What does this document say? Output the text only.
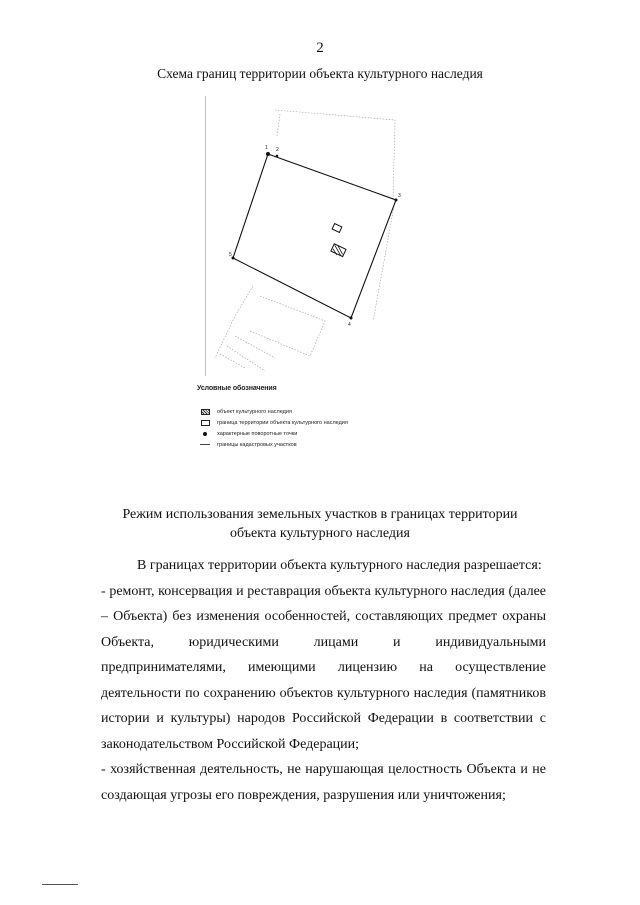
2
Схема границ территории объекта культурного наследия
1 2
3
4
5
Условные обозначения
объект культурного наследия
граница территории объекта культурного наследия
характерные поворотные точки
границы кадастровых участков
Режим использования земельных участков в границах территории объекта культурного наследия

В границах территории объекта культурного наследия разрешается:

- ремонт, консервация и реставрация объекта культурного наследия (далее – Объекта) без изменения особенностей, составляющих предмет охраны Объекта, юридическими лицами и индивидуальными предпринимателями, имеющими лицензию на осуществление деятельности по сохранению объектов культурного наследия (памятников истории и культуры) народов Российской Федерации в соответствии с законодательством Российской Федерации;

- хозяйственная деятельность, не нарушающая целостность Объекта и не создающая угрозы его повреждения, разрушения или уничтожения;
